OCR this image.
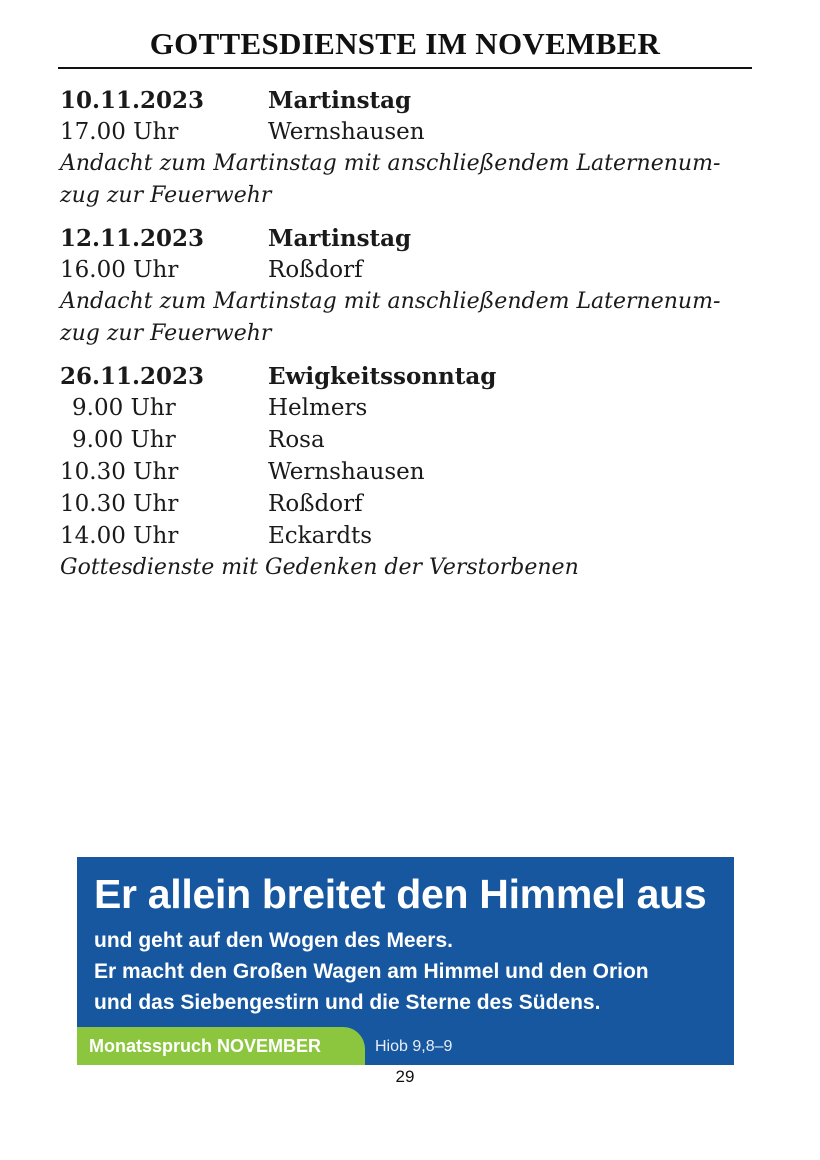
GOTTESDIENSTE IM NOVEMBER
10.11.2023	Martinstag
17.00 Uhr	Wernshausen
Andacht zum Martinstag mit anschließendem Laternenum-
zug zur Feuerwehr
12.11.2023	Martinstag
16.00 Uhr	Roßdorf
Andacht zum Martinstag mit anschließendem Laternenum-
zug zur Feuerwehr
26.11.2023	Ewigkeitssonntag
9.00 Uhr	Helmers
9.00 Uhr	Rosa
10.30 Uhr	Wernshausen
10.30 Uhr	Roßdorf
14.00 Uhr	Eckardts
Gottesdienste mit Gedenken der Verstorbenen
Er allein breitet den Himmel aus
und geht auf den Wogen des Meers.
Er macht den Großen Wagen am Himmel und den Orion
und das Siebengestirn und die Sterne des Südens.
Monatsspruch NOVEMBER	Hiob 9,8–9
29
